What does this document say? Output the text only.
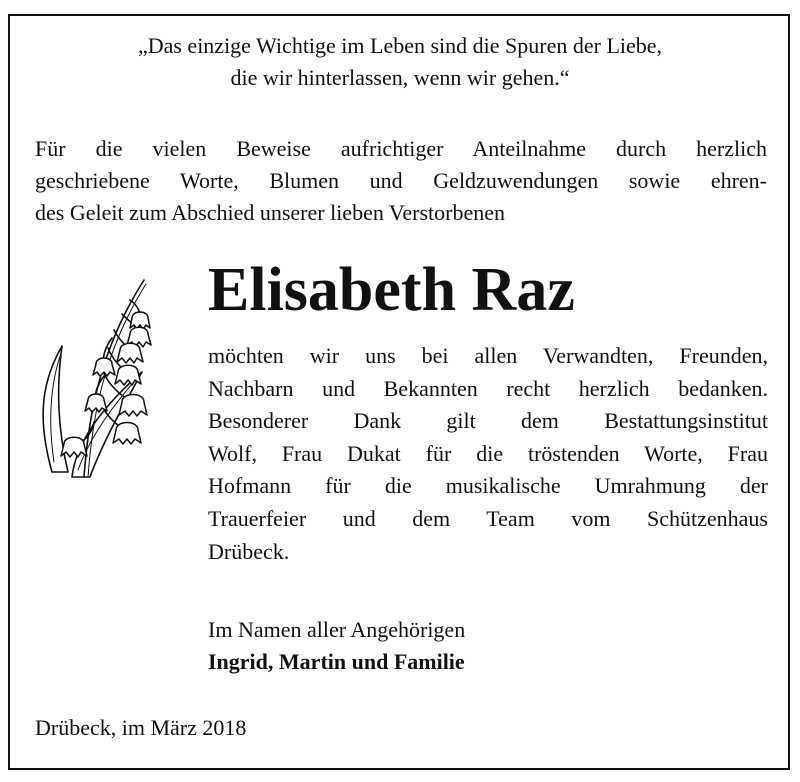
„Das einzige Wichtige im Leben sind die Spuren der Liebe,
die wir hinterlassen, wenn wir gehen.“
Für die vielen Beweise aufrichtiger Anteilnahme durch herzlich
geschriebene Worte, Blumen und Geldzuwendungen sowie ehren-
des Geleit zum Abschied unserer lieben Verstorbenen
Elisabeth Raz
möchten wir uns bei allen Verwandten, Freunden,
Nachbarn und Bekannten recht herzlich bedanken.
Besonderer Dank gilt dem Bestattungsinstitut
Wolf, Frau Dukat für die tröstenden Worte, Frau
Hofmann für die musikalische Umrahmung der
Trauerfeier und dem Team vom Schützenhaus
Drübeck.
Im Namen aller Angehörigen
Ingrid, Martin und Familie
Drübeck, im März 2018
